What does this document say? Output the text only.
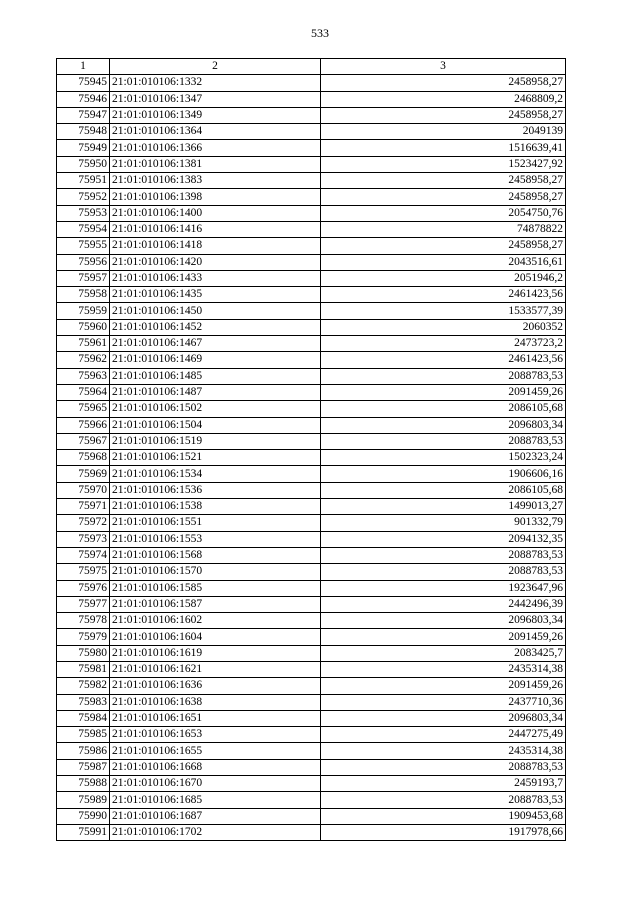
533
1	2	3
75945	21:01:010106:1332	2458958,27
75946	21:01:010106:1347	2468809,2
75947	21:01:010106:1349	2458958,27
75948	21:01:010106:1364	2049139
75949	21:01:010106:1366	1516639,41
75950	21:01:010106:1381	1523427,92
75951	21:01:010106:1383	2458958,27
75952	21:01:010106:1398	2458958,27
75953	21:01:010106:1400	2054750,76
75954	21:01:010106:1416	74878822
75955	21:01:010106:1418	2458958,27
75956	21:01:010106:1420	2043516,61
75957	21:01:010106:1433	2051946,2
75958	21:01:010106:1435	2461423,56
75959	21:01:010106:1450	1533577,39
75960	21:01:010106:1452	2060352
75961	21:01:010106:1467	2473723,2
75962	21:01:010106:1469	2461423,56
75963	21:01:010106:1485	2088783,53
75964	21:01:010106:1487	2091459,26
75965	21:01:010106:1502	2086105,68
75966	21:01:010106:1504	2096803,34
75967	21:01:010106:1519	2088783,53
75968	21:01:010106:1521	1502323,24
75969	21:01:010106:1534	1906606,16
75970	21:01:010106:1536	2086105,68
75971	21:01:010106:1538	1499013,27
75972	21:01:010106:1551	901332,79
75973	21:01:010106:1553	2094132,35
75974	21:01:010106:1568	2088783,53
75975	21:01:010106:1570	2088783,53
75976	21:01:010106:1585	1923647,96
75977	21:01:010106:1587	2442496,39
75978	21:01:010106:1602	2096803,34
75979	21:01:010106:1604	2091459,26
75980	21:01:010106:1619	2083425,7
75981	21:01:010106:1621	2435314,38
75982	21:01:010106:1636	2091459,26
75983	21:01:010106:1638	2437710,36
75984	21:01:010106:1651	2096803,34
75985	21:01:010106:1653	2447275,49
75986	21:01:010106:1655	2435314,38
75987	21:01:010106:1668	2088783,53
75988	21:01:010106:1670	2459193,7
75989	21:01:010106:1685	2088783,53
75990	21:01:010106:1687	1909453,68
75991	21:01:010106:1702	1917978,66
